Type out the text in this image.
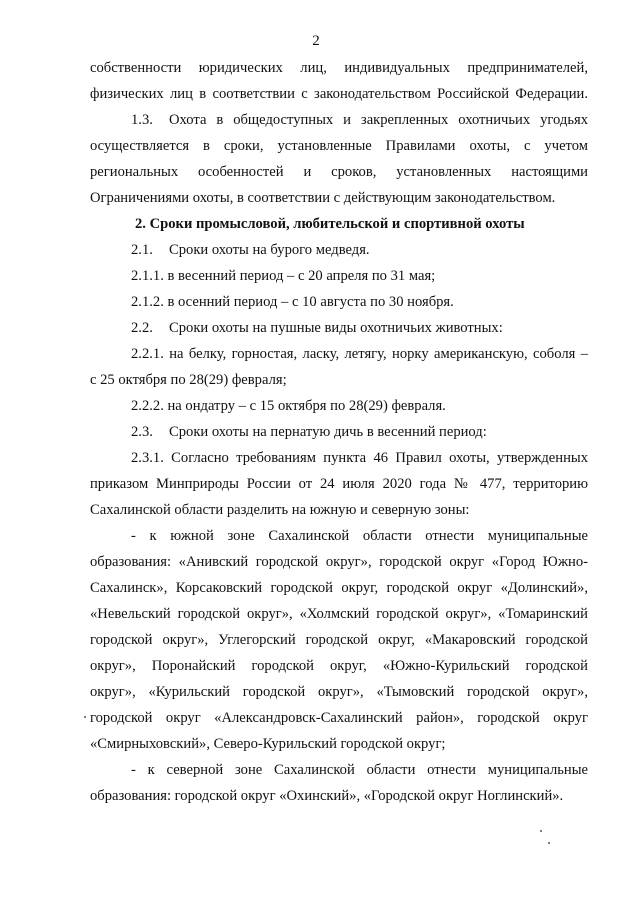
2
собственности юридических лиц, индивидуальных предпринимателей,
физических лиц в соответствии с законодательством Российской Федерации.
1.3. Охота в общедоступных и закрепленных охотничьих угодьях
осуществляется в сроки, установленные Правилами охоты, с учетом
региональных особенностей и сроков, установленных настоящими
Ограничениями охоты, в соответствии с действующим законодательством.
2. Сроки промысловой, любительской и спортивной охоты
2.1. Сроки охоты на бурого медведя.
2.1.1. в весенний период – с 20 апреля по 31 мая;
2.1.2. в осенний период – с 10 августа по 30 ноября.
2.2. Сроки охоты на пушные виды охотничьих животных:
2.2.1. на белку, горностая, ласку, летягу, норку американскую, соболя –
с 25 октября по 28(29) февраля;
2.2.2. на ондатру – с 15 октября по 28(29) февраля.
2.3. Сроки охоты на пернатую дичь в весенний период:
2.3.1. Согласно требованиям пункта 46 Правил охоты, утвержденных
приказом Минприроды России от 24 июля 2020 года № 477, территорию
Сахалинской области разделить на южную и северную зоны:
- к южной зоне Сахалинской области отнести муниципальные
образования: «Анивский городской округ», городской округ «Город Южно-
Сахалинск», Корсаковский городской округ, городской округ «Долинский»,
«Невельский городской округ», «Холмский городской округ», «Томаринский
городской округ», Углегорский городской округ, «Макаровский городской
округ», Поронайский городской округ, «Южно-Курильский городской
округ», «Курильский городской округ», «Тымовский городской округ»,
городской округ «Александровск-Сахалинский район», городской округ
«Смирныховский», Северо-Курильский городской округ;
- к северной зоне Сахалинской области отнести муниципальные
образования: городской округ «Охинский», «Городской округ Ноглинский».
